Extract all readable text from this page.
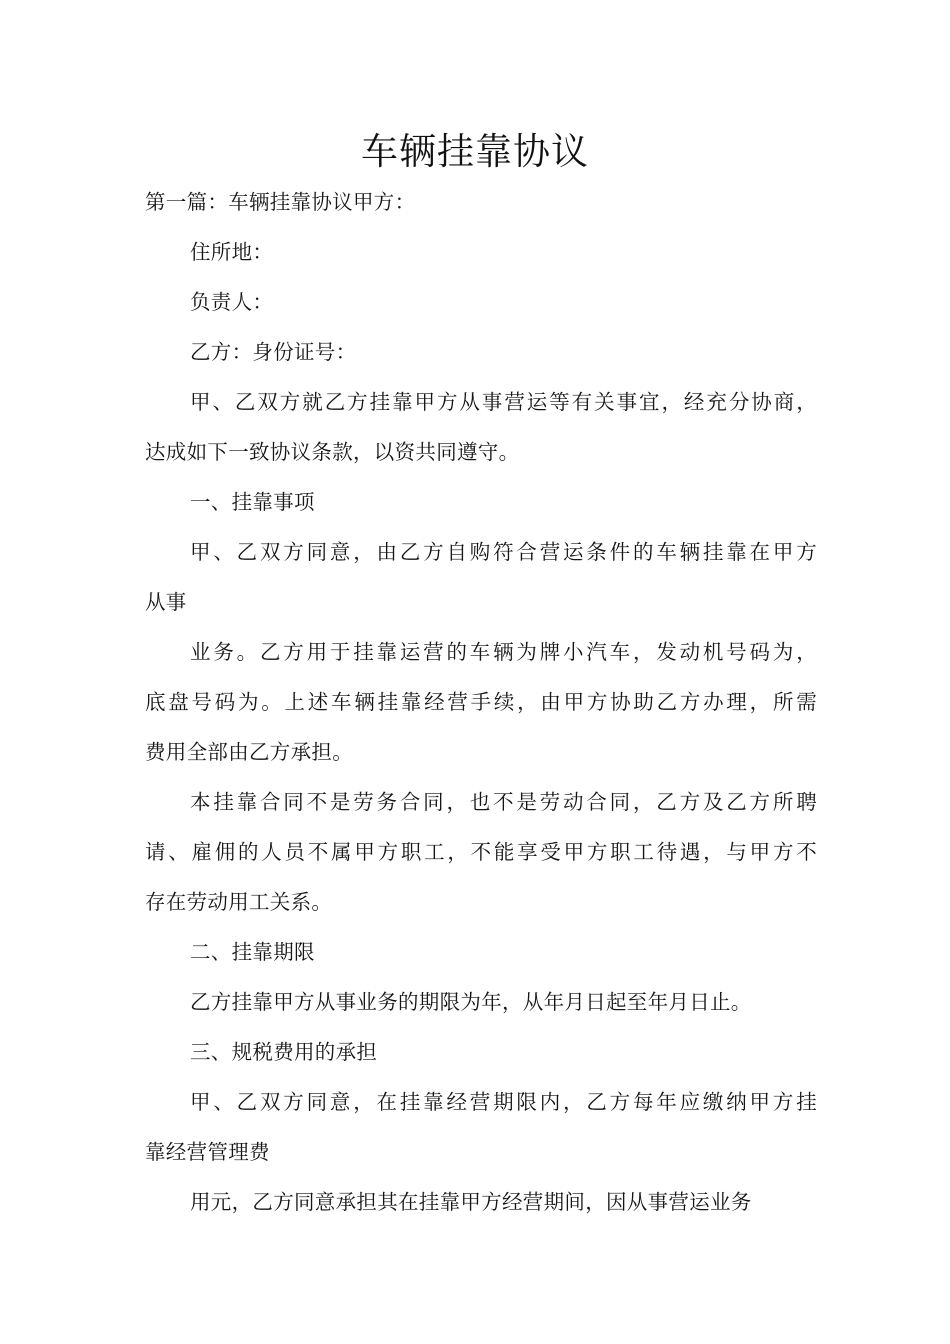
车辆挂靠协议
第一篇：车辆挂靠协议甲方：
住所地：
负责人：
乙方：身份证号：
甲、乙双方就乙方挂靠甲方从事营运等有关事宜，经充分协商，
达成如下一致协议条款，以资共同遵守。
一、挂靠事项
甲、乙双方同意，由乙方自购符合营运条件的车辆挂靠在甲方
从事
业务。乙方用于挂靠运营的车辆为牌小汽车，发动机号码为，
底盘号码为。上述车辆挂靠经营手续，由甲方协助乙方办理，所需
费用全部由乙方承担。
本挂靠合同不是劳务合同，也不是劳动合同，乙方及乙方所聘
请、雇佣的人员不属甲方职工，不能享受甲方职工待遇，与甲方不
存在劳动用工关系。
二、挂靠期限
乙方挂靠甲方从事业务的期限为年，从年月日起至年月日止。
三、规税费用的承担
甲、乙双方同意，在挂靠经营期限内，乙方每年应缴纳甲方挂
靠经营管理费
用元，乙方同意承担其在挂靠甲方经营期间，因从事营运业务
